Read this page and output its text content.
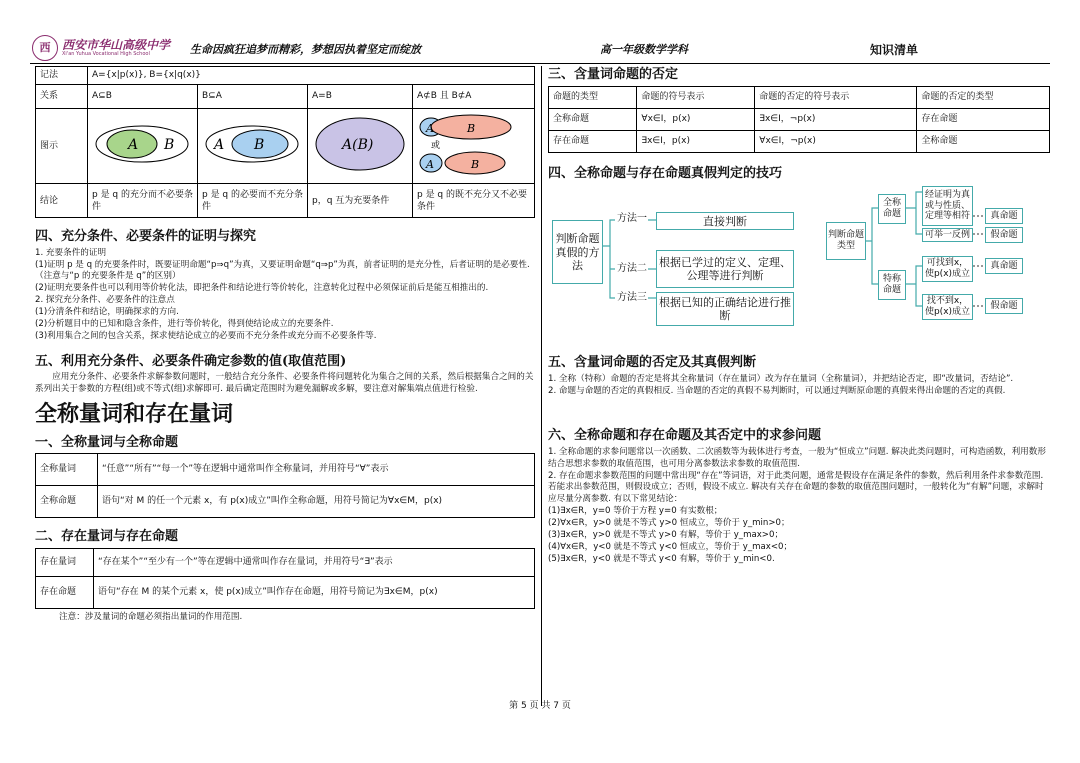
西 西安市华山高级中学
Xi'an Yuhua Vocational High School	生命因疯狂追梦而精彩，梦想因执着坚定而绽放	高一年级数学学科	知识清单
记法	A={x|p(x)}, B={x|q(x)}			
关系	A⊆B	B⊆A	A=B	A⊄B 且 B⊄A
图示	A B	A B	A(B)	A B
或
A B

结论	p 是 q 的充分而不必要条件	p 是 q 的必要而不充分条件	p，q 互为充要条件	p 是 q 的既不充分又不必要条件
四、充分条件、必要条件的证明与探究
1. 充要条件的证明
(1)证明 p 是 q 的充要条件时，既要证明命题“p⇒q”为真，又要证明命题“q⇒p”为真，前者证明的是充分性，后者证明的是必要性.（注意与“p 的充要条件是 q”的区别）
(2)证明充要条件也可以利用等价转化法，即把条件和结论进行等价转化，注意转化过程中必须保证前后是能互相推出的.
2. 探究充分条件、必要条件的注意点
(1)分清条件和结论，明确探求的方向.
(2)分析题目中的已知和隐含条件，进行等价转化，得到使结论成立的充要条件.
(3)利用集合之间的包含关系，探求使结论成立的必要而不充分条件或充分而不必要条件等.
五、利用充分条件、必要条件确定参数的值(取值范围)
应用充分条件、必要条件求解参数问题时，一般结合充分条件、必要条件将问题转化为集合之间的关系，然后根据集合之间的关系列出关于参数的方程(组)或不等式(组)求解即可. 最后确定范围时为避免漏解或多解，要注意对解集端点值进行检验.
全称量词和存在量词
一、全称量词与全称命题
全称量词	“任意”“所有”“每一个”等在逻辑中通常叫作全称量词，并用符号“∀”表示
全称命题	语句“对 M 的任一个元素 x，有 p(x)成立”叫作全称命题，用符号简记为∀x∈M，p(x)
二、存在量词与存在命题
存在量词	“存在某个”“至少有一个”等在逻辑中通常叫作存在量词，并用符号“∃”表示
存在命题	语句“存在 M 的某个元素 x，使 p(x)成立”叫作存在命题，用符号简记为∃x∈M，p(x)
注意：涉及量词的命题必须指出量词的作用范围.
三、含量词命题的否定
命题的类型	命题的符号表示	命题的否定的符号表示	命题的否定的类型
全称命题	∀x∈I，p(x)	∃x∈I，¬p(x)	存在命题
存在命题	∃x∈I，p(x)	∀x∈I，¬p(x)	全称命题
四、全称命题与存在命题真假判定的技巧
判断命题真假的方法
方法一
方法二
方法三
直接判断
根据已学过的定义、定理、公理等进行判断
根据已知的正确结论进行推断
判断命题类型
全称命题
特称命题
经证明为真或与性质、定理等相符
可举一反例
可找到x，使p(x)成立
找不到x，使p(x)成立
真命题
假命题
真命题
假命题
五、含量词命题的否定及其真假判断
1. 全称（特称）命题的否定是将其全称量词（存在量词）改为存在量词（全称量词），并把结论否定，即“改量词，否结论”.
2. 命题与命题的否定的真假相反. 当命题的否定的真假不易判断时，可以通过判断原命题的真假来得出命题的否定的真假.
六、全称命题和存在命题及其否定中的求参问题
1. 全称命题的求参问题常以一次函数、二次函数等为载体进行考查，一般为“恒成立”问题. 解决此类问题时，可构造函数，利用数形结合思想求参数的取值范围，也可用分离参数法求参数的取值范围.
2. 存在命题求参数范围的问题中常出现“存在”等词语，对于此类问题，通常是假设存在满足条件的参数，然后利用条件求参数范围. 若能求出参数范围，则假设成立；否则，假设不成立. 解决有关存在命题的参数的取值范围问题时，一般转化为“有解”问题，求解时应尽量分离参数. 有以下常见结论：
(1)∃x∈R，y=0 等价于方程 y=0 有实数根；
(2)∀x∈R，y>0 就是不等式 y>0 恒成立，等价于 y_min>0；
(3)∃x∈R，y>0 就是不等式 y>0 有解，等价于 y_max>0；
(4)∀x∈R，y<0 就是不等式 y<0 恒成立，等价于 y_max<0；
(5)∃x∈R，y<0 就是不等式 y<0 有解，等价于 y_min<0.
第 5 页 共 7 页
